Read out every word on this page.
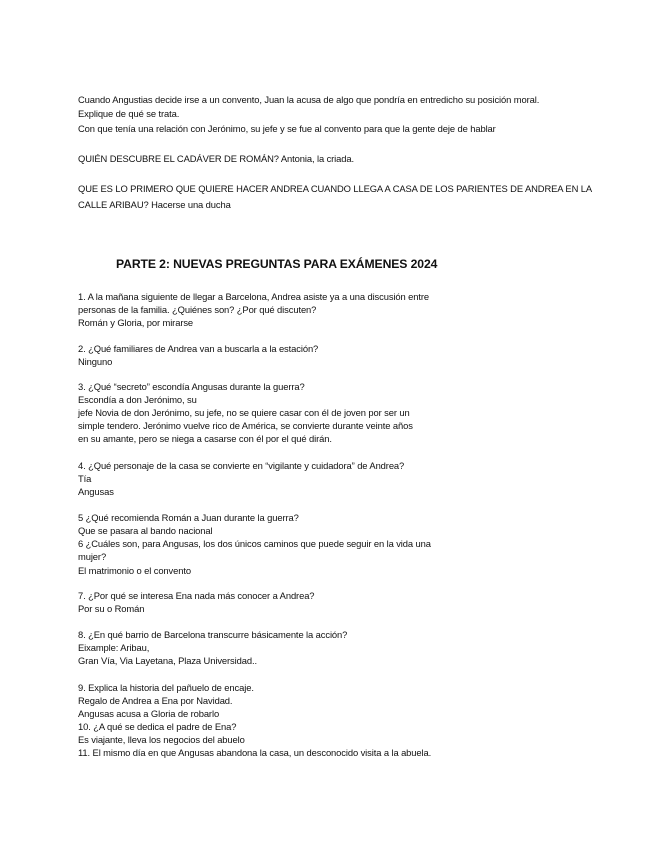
Cuando Angustias decide irse a un convento, Juan la acusa de algo que pondría en entredicho su posición moral.
Explique de qué se trata.
Con que tenía una relación con Jerónimo, su jefe y se fue al convento para que la gente deje de hablar
QUIÉN DESCUBRE EL CADÁVER DE ROMÁN? Antonia, la criada.
QUE ES LO PRIMERO QUE QUIERE HACER ANDREA CUANDO LLEGA A CASA DE LOS PARIENTES DE ANDREA EN LA
CALLE ARIBAU? Hacerse una ducha
PARTE 2: NUEVAS PREGUNTAS PARA EXÁMENES 2024
1. A la mañana siguiente de llegar a Barcelona, Andrea asiste ya a una discusión entre
personas de la familia. ¿Quiénes son? ¿Por qué discuten?
Román y Gloria, por mirarse
2. ¿Qué familiares de Andrea van a buscarla a la estación?
Ninguno
3. ¿Qué “secreto” escondía Angusas durante la guerra?
Escondía a don Jerónimo, su
jefe Novia de don Jerónimo, su jefe, no se quiere casar con él de joven por ser un
simple tendero. Jerónimo vuelve rico de América, se convierte durante veinte años
en su amante, pero se niega a casarse con él por el qué dirán.
4. ¿Qué personaje de la casa se convierte en “vigilante y cuidadora” de Andrea?
Tía
Angusas
5 ¿Qué recomienda Román a Juan durante la guerra?
Que se pasara al bando nacional
6 ¿Cuáles son, para Angusas, los dos únicos caminos que puede seguir en la vida una
mujer?
El matrimonio o el convento
7. ¿Por qué se interesa Ena nada más conocer a Andrea?
Por su o Román
8. ¿En qué barrio de Barcelona transcurre básicamente la acción?
Eixample: Aribau,
Gran Vía, Via Layetana, Plaza Universidad..
9. Explica la historia del pañuelo de encaje.
Regalo de Andrea a Ena por Navidad.
Angusas acusa a Gloria de robarlo
10. ¿A qué se dedica el padre de Ena?
Es viajante, lleva los negocios del abuelo
11. El mismo día en que Angusas abandona la casa, un desconocido visita a la abuela.
